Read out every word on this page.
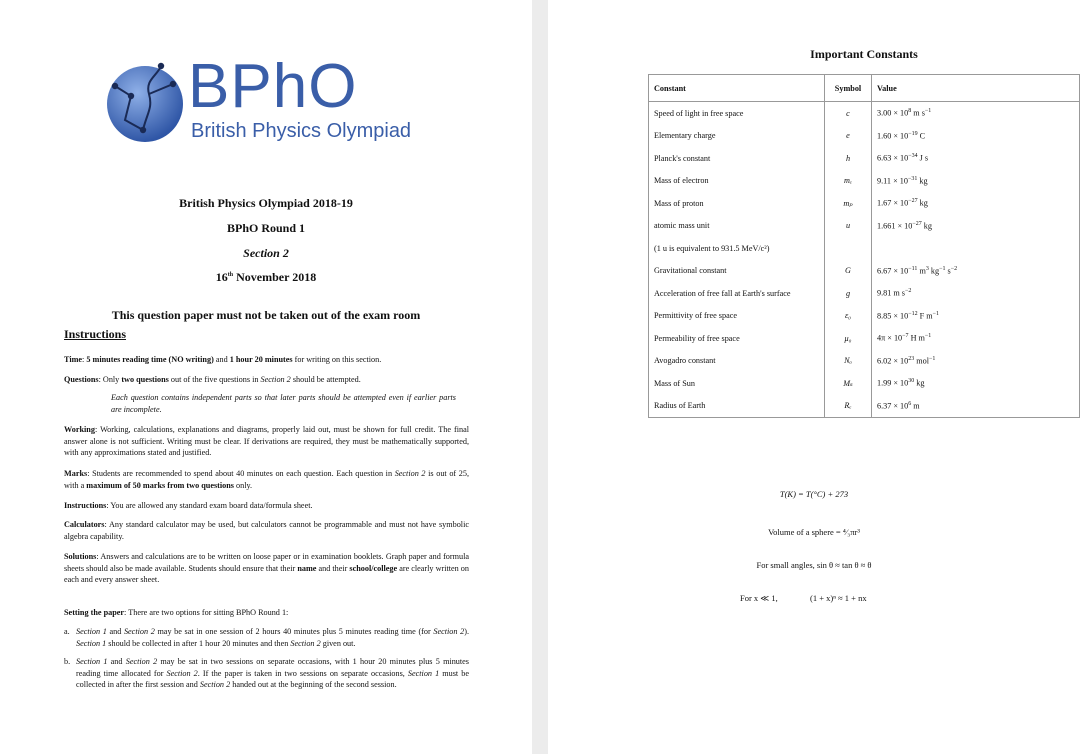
BPhO
British Physics Olympiad
British Physics Olympiad 2018-19
BPhO Round 1
Section 2
16th November 2018
This question paper must not be taken out of the exam room
Instructions
Time: 5 minutes reading time (NO writing) and 1 hour 20 minutes for writing on this section.
Questions: Only two questions out of the five questions in Section 2 should be attempted.
Each question contains independent parts so that later parts should be attempted even if earlier parts are incomplete.
Working: Working, calculations, explanations and diagrams, properly laid out, must be shown for full credit. The final answer alone is not sufficient. Writing must be clear. If derivations are required, they must be mathematically supported, with any approximations stated and justified.
Marks: Students are recommended to spend about 40 minutes on each question. Each question in Section 2 is out of 25, with a maximum of 50 marks from two questions only.
Instructions: You are allowed any standard exam board data/formula sheet.
Calculators: Any standard calculator may be used, but calculators cannot be programmable and must not have symbolic algebra capability.
Solutions: Answers and calculations are to be written on loose paper or in examination booklets. Graph paper and formula sheets should also be made available. Students should ensure that their name and their school/college are clearly written on each and every answer sheet.
Setting the paper: There are two options for sitting BPhO Round 1:
a. Section 1 and Section 2 may be sat in one session of 2 hours 40 minutes plus 5 minutes reading time (for Section 2). Section 1 should be collected in after 1 hour 20 minutes and then Section 2 given out.
b. Section 1 and Section 2 may be sat in two sessions on separate occasions, with 1 hour 20 minutes plus 5 minutes reading time allocated for Section 2. If the paper is taken in two sessions on separate occasions, Section 1 must be collected in after the first session and Section 2 handed out at the beginning of the second session.
Important Constants
Constant	Symbol	Value
Speed of light in free space	c	$3.00 \times 10^8$ m $s^{-1}$
Elementary charge	e	$1.60 \times 10^{-19}$ C
Planck's constant	h	$6.63 \times 10^{-34}$ J s
Mass of electron	mₑ	$9.11 \times 10^{-31}$ kg
Mass of proton	mₚ	$1.67 \times 10^{-27}$ kg
atomic mass unit	u	$1.661 \times 10^{-27}$ kg
(1 u is equivalent to 931.5 MeV/c²)		
Gravitational constant	G	$6.67 \times 10^{-11}$ $m^3$ $kg^{-1}$ $s^{-2}$
Acceleration of free fall at Earth's surface	g	9.81 m $s^{-2}$
Permittivity of free space	ε₀	$8.85 \times 10^{-12}$ F $m^{-1}$
Permeability of free space	μ₀	$4\pi \times 10^{-7}$ H $m^{-1}$
Avogadro constant	Nₐ	$6.02 \times 10^{23}$ mol$^{-1}$
Mass of Sun	Mₛ	$1.99 \times 10^{30}$ kg
Radius of Earth	Rₑ	$6.37 \times 10^6$ m
T(K) = T(°C) + 273
Volume of a sphere = ⁴⁄₃πr³
For small angles, sin θ ≈ tan θ ≈ θ
For x ≪ 1,	(1 + x)ⁿ ≈ 1 + nx
